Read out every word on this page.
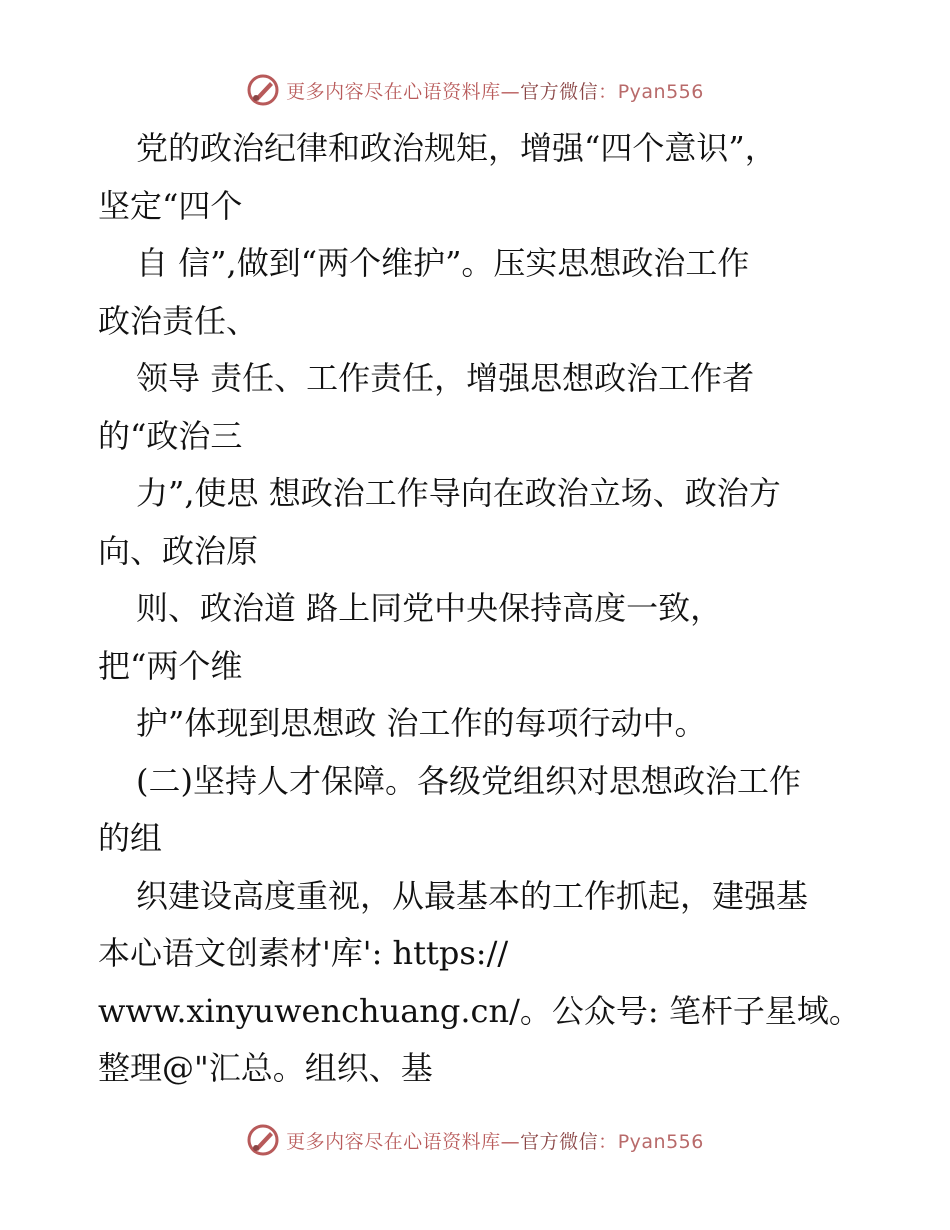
更多内容尽在心语资料库—官方微信：Pyan556
党的政治纪律和政治规矩，增强“四个意识”，
坚定“四个
自 信”,做到“两个维护”。压实思想政治工作
政治责任、
领导 责任、工作责任，增强思想政治工作者
的“政治三
力”,使思 想政治工作导向在政治立场、政治方
向、政治原
则、政治道 路上同党中央保持高度一致，
把“两个维
护”体现到思想政 治工作的每项行动中。
(二)坚持人才保障。各级党组织对思想政治工作
的组
织建设高度重视，从最基本的工作抓起，建强基
本心语文创素材'库': https://
www.xinyuwenchuang.cn/。公众号: 笔杆子星域。
整理@"汇总。组织、基
更多内容尽在心语资料库—官方微信：Pyan556
